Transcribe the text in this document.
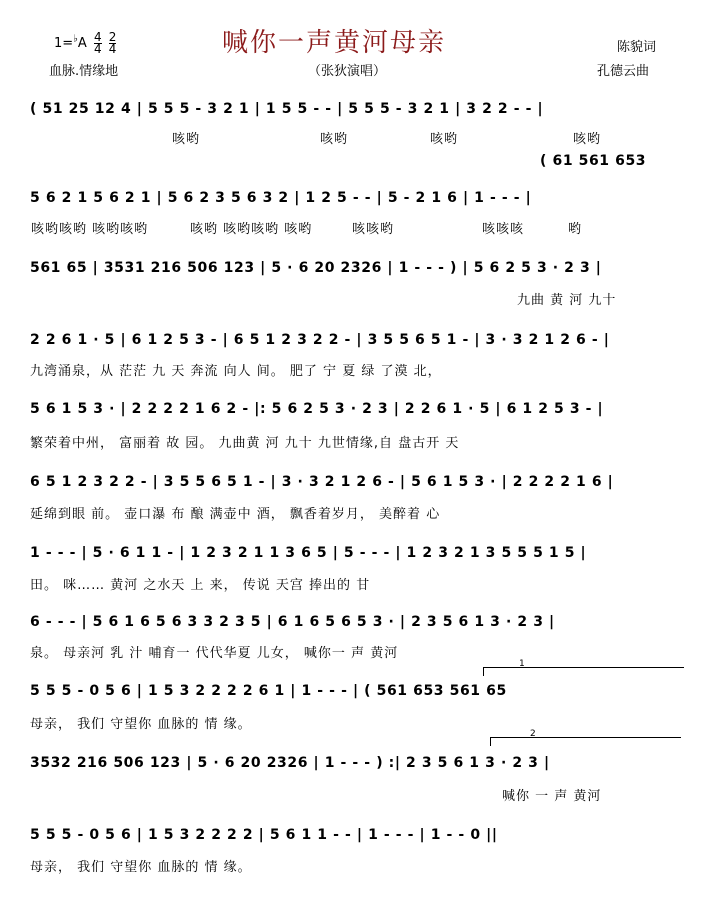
$1=^♭A \frac{4}{4}$
$\frac{2}{4}$	喊你一声黄河母亲	陈貌词
血脉.情缘地	（张狄演唱）	孔德云曲
( 51 25 12 4 | 5 5 5 - 3 2 1 | 1 5 5 - - | 5 5 5 - 3 2 1 | 3 2 2 - - |
咳哟	咳哟	咳哟	咳哟
( 61 561 653
5 6 2 1 5 6 2 1 | 5 6 2 3 5 6 3 2 | 1 2 5 - - | 5 - 2 1 6 | 1 - - - |
咳哟咳哟 咳哟咳哟	咳哟 咳哟咳哟 咳哟	咳咳哟	咳咳咳	哟
561 65 | 3531 216 506 123 | 5 · 6 20 2326 | 1 - - - ) | 5 6 2 5 3 · 2 3 |
九曲 黄 河 九十
2 2 6 1 · 5 | 6 1 2 5 3 - | 6 5 1 2 3 2 2 - | 3 5 5 6 5 1 - | 3 · 3 2 1 2 6 - |
九湾涌泉，从 茫茫 九 天 奔流 向人 间。 肥了 宁 夏 绿 了漠 北，
5 6 1 5 3 · | 2 2 2 2 1 6 2 - |: 5 6 2 5 3 · 2 3 | 2 2 6 1 · 5 | 6 1 2 5 3 - |
繁荣着中州， 富丽着 故 园。 九曲黄 河 九十 九世情缘,自 盘古开 天
6 5 1 2 3 2 2 - | 3 5 5 6 5 1 - | 3 · 3 2 1 2 6 - | 5 6 1 5 3 · | 2 2 2 2 1 6 |
延绵到眼 前。 壶口瀑 布 酿 满壶中 酒， 飘香着岁月， 美醉着 心
1 - - - | 5 · 6 1 1 - | 1 2 3 2 1 1 3 6 5 | 5 - - - | 1 2 3 2 1 3 5 5 5 1 5 |
田。 咪…… 黄河 之水天 上 来， 传说 天宫 捧出的 甘
6 - - - | 5 6 1 6 5 6 3 3 2 3 5 | 6 1 6 5 6 5 3 · | 2 3 5 6 1 3 · 2 3 |
泉。 母亲河 乳 汁 哺育一 代代华夏 儿女， 喊你一 声 黄河
1
5 5 5 - 0 5 6 | 1 5 3 2 2 2 2 6 1 | 1 - - - | ( 561 653 561 65
母亲， 我们 守望你 血脉的 情 缘。
2
3532 216 506 123 | 5 · 6 20 2326 | 1 - - - ) :| 2 3 5 6 1 3 · 2 3 |
喊你 一 声 黄河
5 5 5 - 0 5 6 | 1 5 3 2 2 2 2 | 5 6 1 1 - - | 1 - - - | 1 - - 0 ||
母亲， 我们 守望你 血脉的 情 缘。
